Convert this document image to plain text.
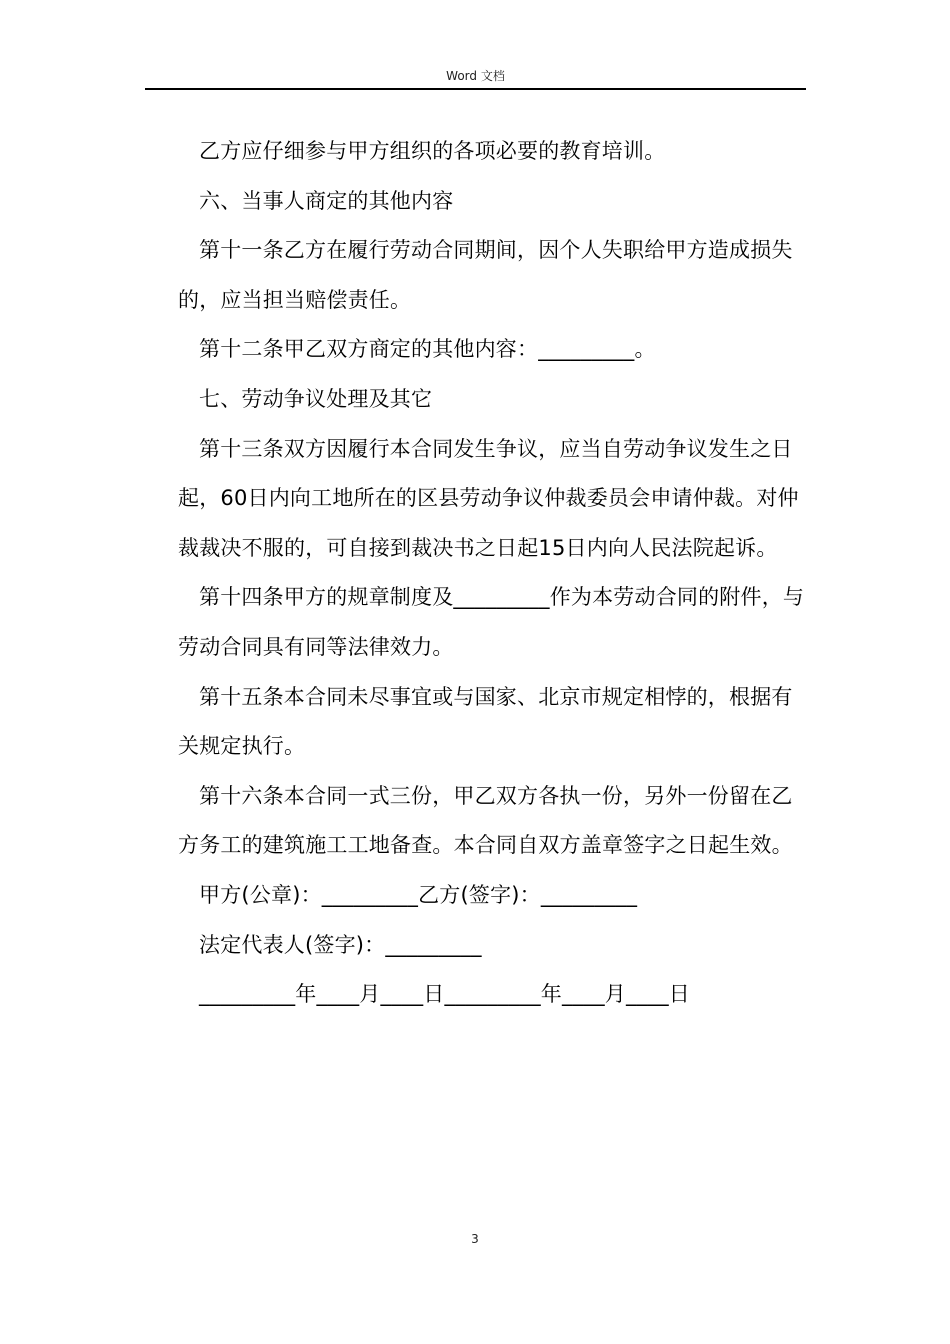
Word 文档

乙方应仔细参与甲方组织的各项必要的教育培训。

六、当事人商定的其他内容

第十一条乙方在履行劳动合同期间，因个人失职给甲方造成损失的，应当担当赔偿责任。

第十二条甲乙双方商定的其他内容：_________。

七、劳动争议处理及其它

第十三条双方因履行本合同发生争议，应当自劳动争议发生之日起，60日内向工地所在的区县劳动争议仲裁委员会申请仲裁。对仲裁裁决不服的，可自接到裁决书之日起15日内向人民法院起诉。

第十四条甲方的规章制度及_________作为本劳动合同的附件，与劳动合同具有同等法律效力。

第十五条本合同未尽事宜或与国家、北京市规定相悖的，根据有关规定执行。

第十六条本合同一式三份，甲乙双方各执一份，另外一份留在乙方务工的建筑施工工地备查。本合同自双方盖章签字之日起生效。

甲方(公章)：_________乙方(签字)：_________

法定代表人(签字)：_________

_________年____月____日_________年____月____日

3
